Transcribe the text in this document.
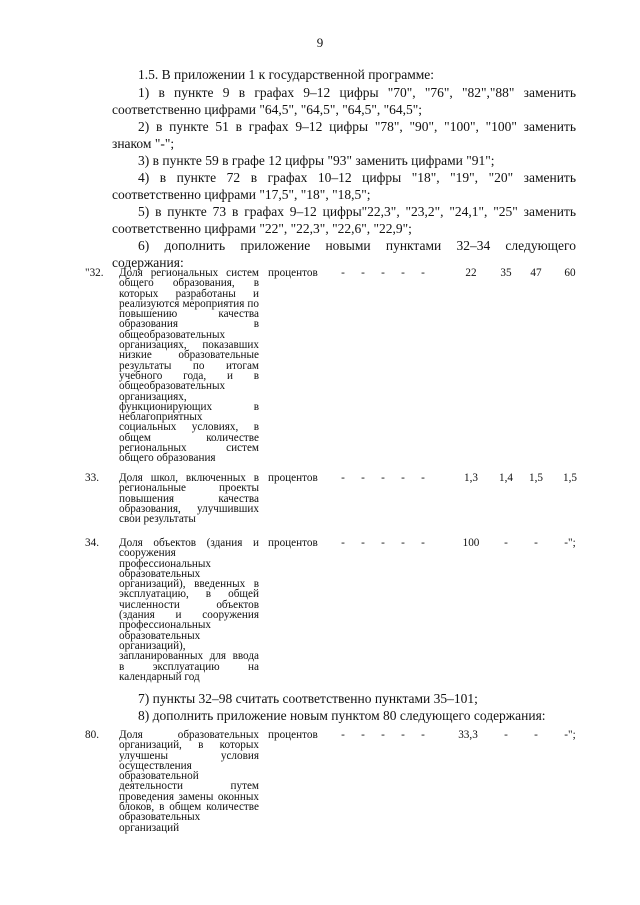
9

1.5. В приложении 1 к государственной программе:

1) в пункте 9 в графах 9–12 цифры "70", "76", "82","88" заменить соответственно цифрами "64,5", "64,5", "64,5", "64,5";

2) в пункте 51 в графах 9–12 цифры "78", "90", "100", "100" заменить знаком "-";

3) в пункте 59 в графе 12 цифры "93" заменить цифрами "91";

4) в пункте 72 в графах 10–12 цифры "18", "19", "20" заменить соответственно цифрами "17,5", "18", "18,5";

5) в пункте 73 в графах 9–12 цифры"22,3", "23,2", "24,1", "25" заменить соответственно цифрами "22", "22,3", "22,6", "22,9";

6) дополнить приложение новыми пунктами 32–34 следующего содержания:

"32.	Доля региональных систем общего образования, в которых разработаны и реализуются мероприятия по повышению качества образования в общеобразовательных организациях, показавших низкие образовательные результаты по итогам учебного года, и в общеобразовательных организациях, функционирующих в неблагоприятных социальных условиях, в общем количестве региональных систем общего образования
процентов	-	-	-	-	-	22	35	47	60
33.	Доля школ, включенных в региональные проекты повышения качества образования, улучшивших свои результаты
процентов	-	-	-	-	-	1,3	1,4	1,5	1,5
34.	Доля объектов (здания и сооружения профессиональных образовательных организаций), введенных в эксплуатацию, в общей численности объектов (здания и сооружения профессиональных образовательных организаций), запланированных для ввода в эксплуатацию на календарный год
процентов	-	-	-	-	-	100	-	-	-";

7) пункты 32–98 считать соответственно пунктами 35–101;

8) дополнить приложение новым пунктом 80 следующего содержания:

80.	Доля образовательных организаций, в которых улучшены условия осуществления образовательной деятельности путем проведения замены оконных блоков, в общем количестве образовательных организаций
процентов	-	-	-	-	-	33,3	-	-	-";
